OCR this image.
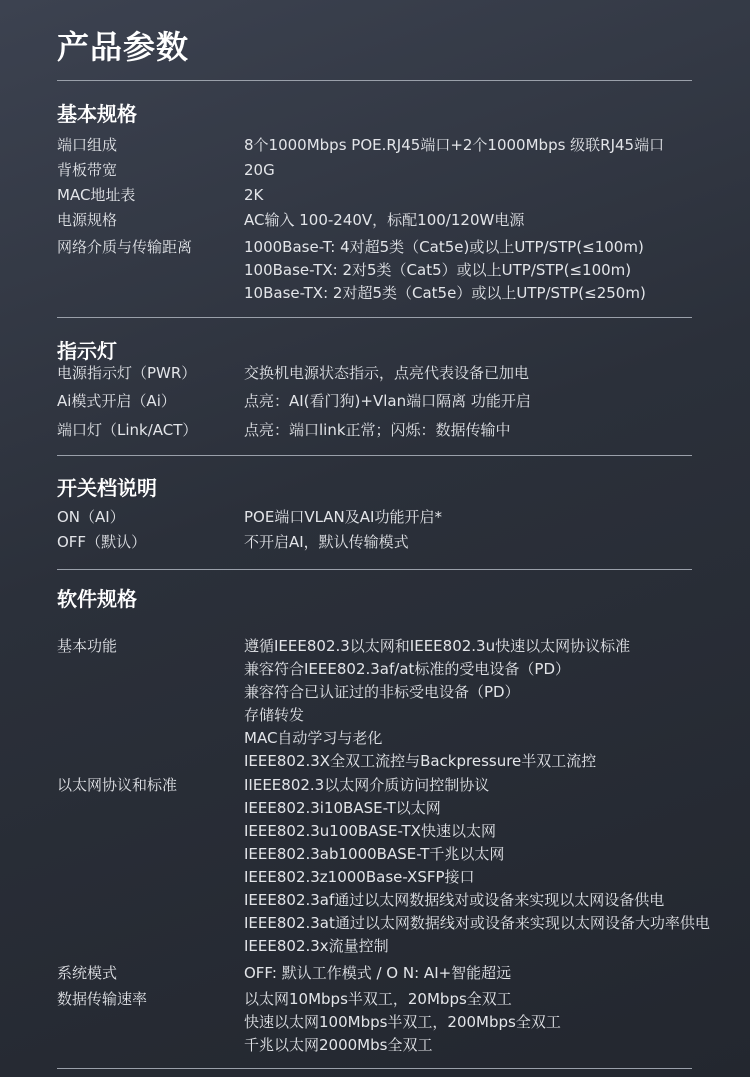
产品参数
基本规格
端口组成	8个1000Mbps POE.RJ45端口+2个1000Mbps 级联RJ45端口
背板带宽	20G
MAC地址表	2K
电源规格	AC输入 100-240V，标配100/120W电源
网络介质与传输距离	1000Base-T: 4对超5类（Cat5e)或以上UTP/STP(≤100m)
100Base-TX: 2对5类（Cat5）或以上UTP/STP(≤100m)
10Base-TX: 2对超5类（Cat5e）或以上UTP/STP(≤250m)
指示灯
电源指示灯（PWR）	交换机电源状态指示，点亮代表设备已加电
Ai模式开启（Ai）	点亮：AI(看门狗)+Vlan端口隔离 功能开启
端口灯（Link/ACT）	点亮：端口link正常；闪烁：数据传输中
开关档说明
ON（AI）	POE端口VLAN及AI功能开启*
OFF（默认）	不开启AI，默认传输模式
软件规格
基本功能	遵循IEEE802.3以太网和IEEE802.3u快速以太网协议标准
兼容符合IEEE802.3af/at标准的受电设备（PD）
兼容符合已认证过的非标受电设备（PD）
存储转发
MAC自动学习与老化
IEEE802.3X全双工流控与Backpressure半双工流控
以太网协议和标准	IIEEE802.3以太网介质访问控制协议
IEEE802.3i10BASE-T以太网
IEEE802.3u100BASE-TX快速以太网
IEEE802.3ab1000BASE-T千兆以太网
IEEE802.3z1000Base-XSFP接口
IEEE802.3af通过以太网数据线对或设备来实现以太网设备供电
IEEE802.3at通过以太网数据线对或设备来实现以太网设备大功率供电
IEEE802.3x流量控制
系统模式	OFF: 默认工作模式 / O N: AI+智能超远
数据传输速率	以太网10Mbps半双工，20Mbps全双工
快速以太网100Mbps半双工，200Mbps全双工
千兆以太网2000Mbs全双工
